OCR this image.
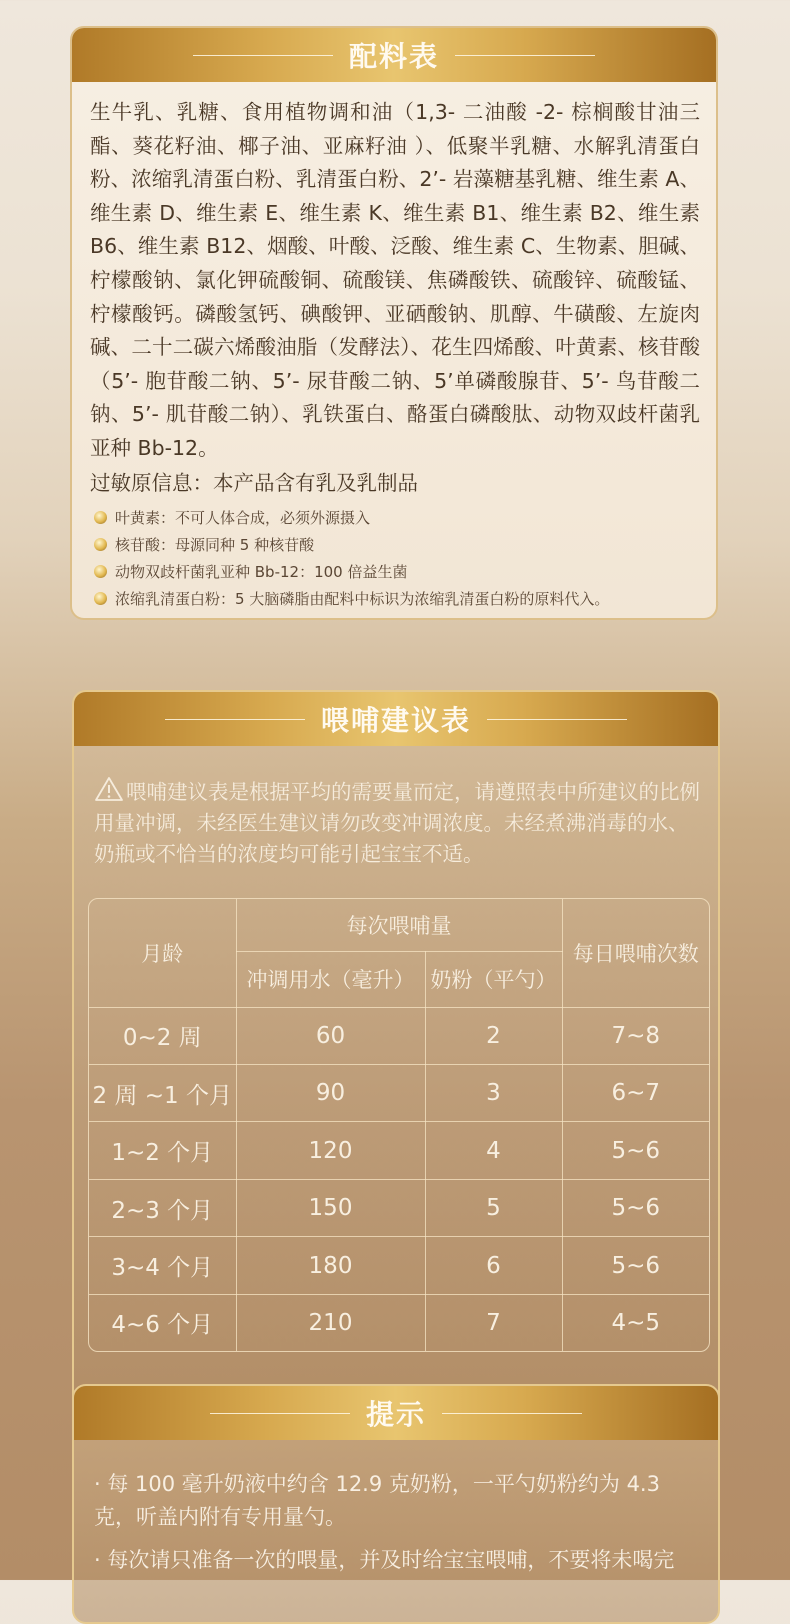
配料表
生牛乳、乳糖、食用植物调和油（1,3- 二油酸 -2- 棕榈酸甘油三酯、葵花籽油、椰子油、亚麻籽油 ）、低聚半乳糖、水解乳清蛋白粉、浓缩乳清蛋白粉、乳清蛋白粉、2’- 岩藻糖基乳糖、维生素 A、维生素 D、维生素 E、维生素 K、维生素 B1、维生素 B2、维生素 B6、维生素 B12、烟酸、叶酸、泛酸、维生素 C、生物素、胆碱、柠檬酸钠、氯化钾硫酸铜、硫酸镁、焦磷酸铁、硫酸锌、硫酸锰、柠檬酸钙。磷酸氢钙、碘酸钾、亚硒酸钠、肌醇、牛磺酸、左旋肉碱、二十二碳六烯酸油脂（发酵法）、花生四烯酸、叶黄素、核苷酸（5’- 胞苷酸二钠、5’- 尿苷酸二钠、5’单磷酸腺苷、5’- 鸟苷酸二钠、5’- 肌苷酸二钠）、乳铁蛋白、酪蛋白磷酸肽、动物双歧杆菌乳亚种 Bb-12。
过敏原信息：本产品含有乳及乳制品
叶黄素：不可人体合成，必须外源摄入
核苷酸：母源同种 5 种核苷酸
动物双歧杆菌乳亚种 Bb-12：100 倍益生菌
浓缩乳清蛋白粉：5 大脑磷脂由配料中标识为浓缩乳清蛋白粉的原料代入。
喂哺建议表
喂哺建议表是根据平均的需要量而定，请遵照表中所建议的比例用量冲调，未经医生建议请勿改变冲调浓度。未经煮沸消毒的水、奶瓶或不恰当的浓度均可能引起宝宝不适。
月龄	每次喂哺量		每日喂哺次数
	冲调用水（毫升）	奶粉（平勺）	
0~2 周	60	2	7~8
2 周 ~1 个月	90	3	6~7
1~2 个月	120	4	5~6
2~3 个月	150	5	5~6
3~4 个月	180	6	5~6
4~6 个月	210	7	4~5
提示
· 每 100 毫升奶液中约含 12.9 克奶粉，一平勺奶粉约为 4.3 克，听盖内附有专用量勺。
· 每次请只准备一次的喂量，并及时给宝宝喂哺，不要将未喝完
